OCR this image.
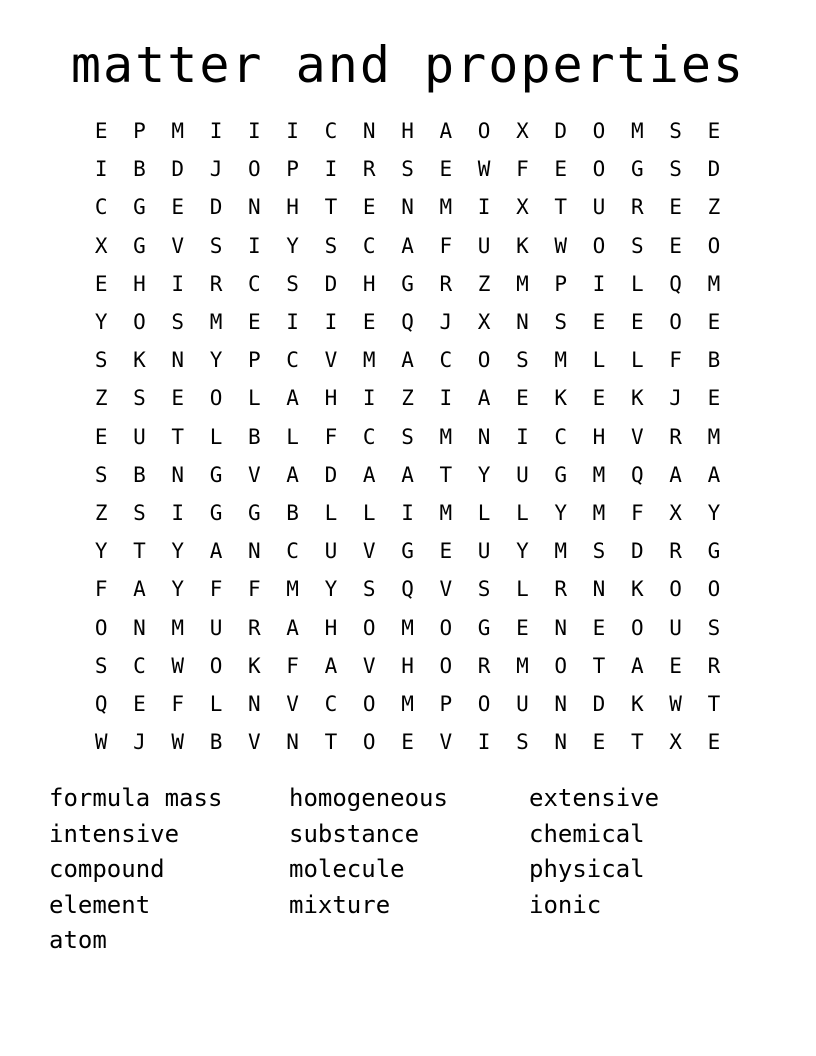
matter and properties
E	P	M	I	I	I	C	N	H	A	O	X	D	O	M	S	E
I	B	D	J	O	P	I	R	S	E	W	F	E	O	G	S	D
C	G	E	D	N	H	T	E	N	M	I	X	T	U	R	E	Z
X	G	V	S	I	Y	S	C	A	F	U	K	W	O	S	E	O
E	H	I	R	C	S	D	H	G	R	Z	M	P	I	L	Q	M
Y	O	S	M	E	I	I	E	Q	J	X	N	S	E	E	O	E
S	K	N	Y	P	C	V	M	A	C	O	S	M	L	L	F	B
Z	S	E	O	L	A	H	I	Z	I	A	E	K	E	K	J	E
E	U	T	L	B	L	F	C	S	M	N	I	C	H	V	R	M
S	B	N	G	V	A	D	A	A	T	Y	U	G	M	Q	A	A
Z	S	I	G	G	B	L	L	I	M	L	L	Y	M	F	X	Y
Y	T	Y	A	N	C	U	V	G	E	U	Y	M	S	D	R	G
F	A	Y	F	F	M	Y	S	Q	V	S	L	R	N	K	O	O
O	N	M	U	R	A	H	O	M	O	G	E	N	E	O	U	S
S	C	W	O	K	F	A	V	H	O	R	M	O	T	A	E	R
Q	E	F	L	N	V	C	O	M	P	O	U	N	D	K	W	T
W	J	W	B	V	N	T	O	E	V	I	S	N	E	T	X	E
formula mass	homogeneous	extensive
intensive	substance	chemical
compound	molecule	physical
element	mixture	ionic
atom
